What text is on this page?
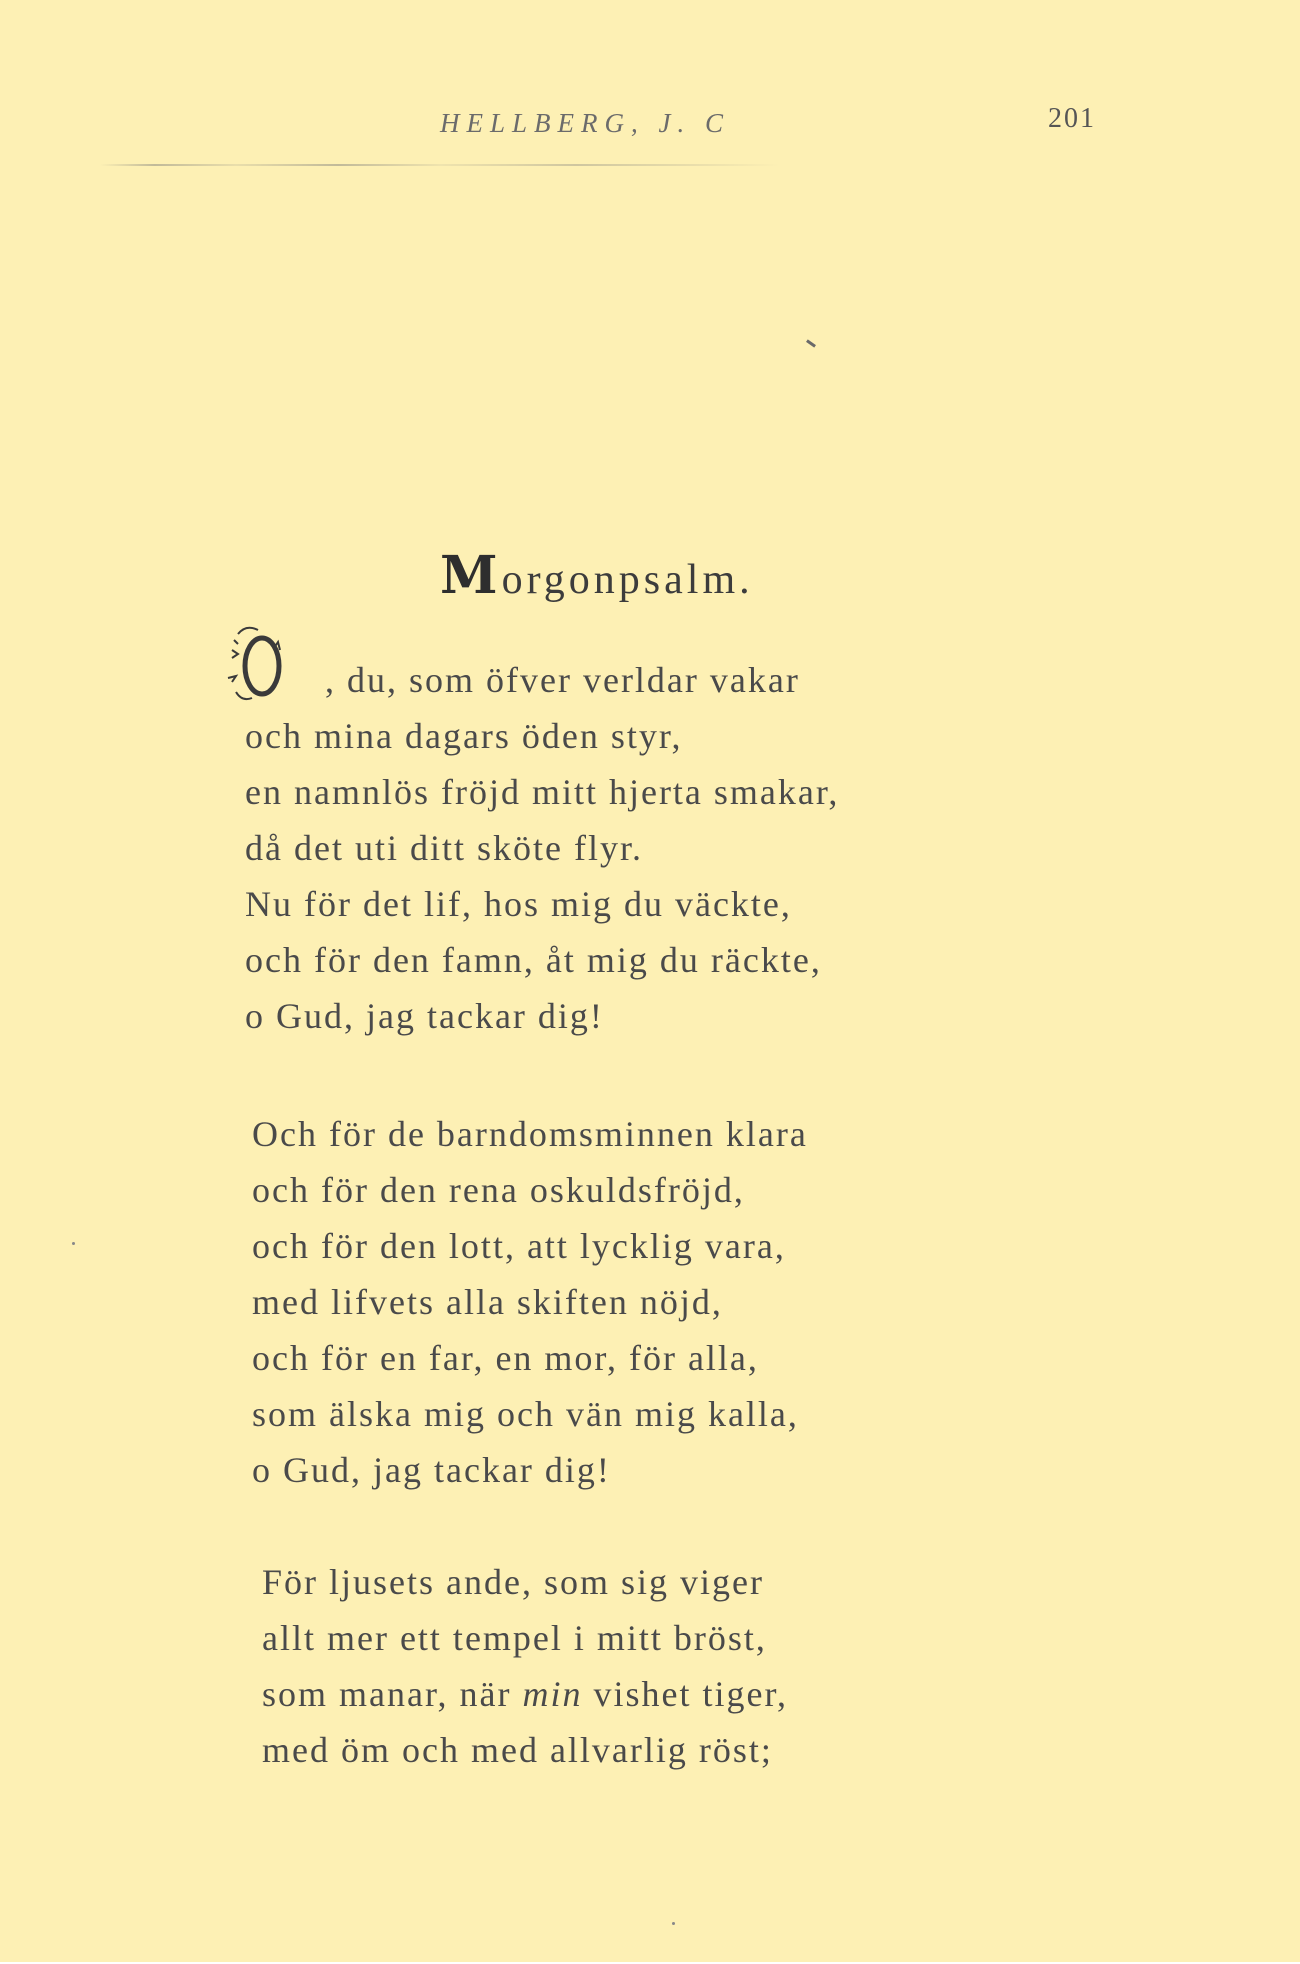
HELLBERG, J. C	201
Morgonpsalm.
, du, som öfver verldar vakar
och mina dagars öden styr,
en namnlös fröjd mitt hjerta smakar,
då det uti ditt sköte flyr.
Nu för det lif, hos mig du väckte,
och för den famn, åt mig du räckte,
o Gud, jag tackar dig!
Och för de barndomsminnen klara
och för den rena oskuldsfröjd,
och för den lott, att lycklig vara,
med lifvets alla skiften nöjd,
och för en far, en mor, för alla,
som älska mig och vän mig kalla,
o Gud, jag tackar dig!
För ljusets ande, som sig viger
allt mer ett tempel i mitt bröst,
som manar, när min vishet tiger,
med öm och med allvarlig röst;
